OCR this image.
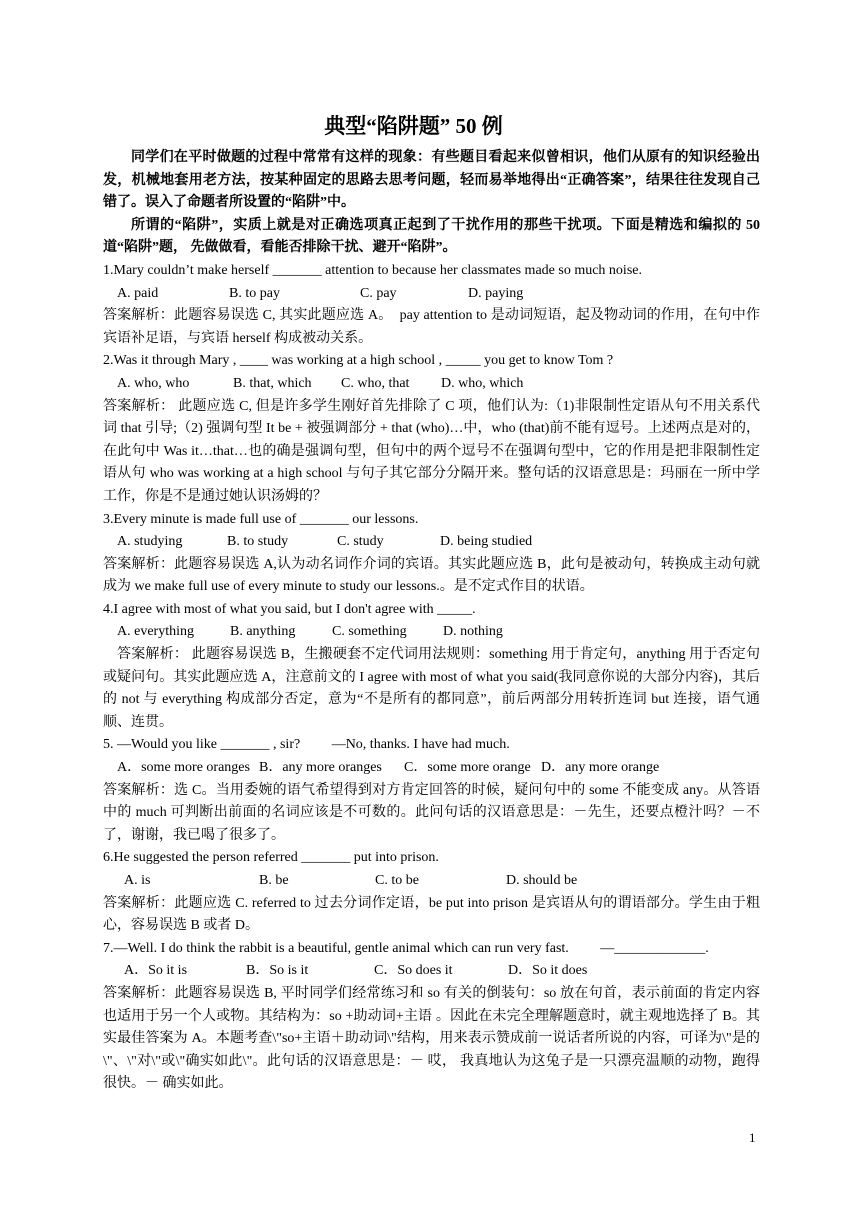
典型“陷阱题” 50 例

同学们在平时做题的过程中常常有这样的现象：有些题目看起来似曾相识，他们从原有的知识经验出发，机械地套用老方法，按某种固定的思路去思考问题，轻而易举地得出“正确答案”，结果往往发现自己错了。误入了命题者所设置的“陷阱”中。

所谓的“陷阱”，实质上就是对正确选项真正起到了干扰作用的那些干扰项。下面是精选和编拟的 50 道“陷阱”题， 先做做看，看能否排除干扰、避开“陷阱”。

1.Mary couldn’t make herself _______ attention to because her classmates made so much noise.

A. paid	B. to pay	C. pay	D. paying

答案解析：此题容易误选 C, 其实此题应选 A。　pay attention to 是动词短语，起及物动词的作用，在句中作宾语补足语，与宾语 herself 构成被动关系。

2.Was it through Mary , ____ was working at a high school , _____ you get to know Tom ?

A. who, who	B. that, which	C. who, that	D. who, which

答案解析： 此题应选 C, 但是许多学生刚好首先排除了 C 项，他们认为:（1)非限制性定语从句不用关系代词 that 引导;（2) 强调句型 It be + 被强调部分 + that (who)…中，who (that)前不能有逗号。上述两点是对的，在此句中 Was it…that…也的确是强调句型，但句中的两个逗号不在强调句型中，它的作用是把非限制性定语从句 who was working at a high school 与句子其它部分分隔开来。整句话的汉语意思是：玛丽在一所中学工作，你是不是通过她认识汤姆的？

3.Every minute is made full use of _______ our lessons.

A. studying	B. to study	C. study	D. being studied

答案解析：此题容易误选 A,认为动名词作介词的宾语。其实此题应选 B，此句是被动句，转换成主动句就成为 we make full use of every minute to study our lessons.。是不定式作目的状语。

4.I agree with most of what you said, but I don't agree with _____.

A. everything	B. anything	C. something	D. nothing

答案解析： 此题容易误选 B，生搬硬套不定代词用法规则：something 用于肯定句，anything 用于否定句或疑问句。其实此题应选 A，注意前文的 I agree with most of what you said(我同意你说的大部分内容)，其后的 not 与 everything 构成部分否定，意为“不是所有的都同意”，前后两部分用转折连词 but 连接，语气通顺、连贯。

5. —Would you like _______ , sir?　　 —No, thanks. I have had much.

A．some more oranges B．any more oranges	C．some more orange D．any more orange

答案解析：选 C。当用委婉的语气希望得到对方肯定回答的时候，疑问句中的 some 不能变成 any。从答语中的 much 可判断出前面的名词应该是不可数的。此问句话的汉语意思是：－先生，还要点橙汁吗？－不了，谢谢，我已喝了很多了。

6.He suggested the person referred _______ put into prison.

A. is	B. be	C. to be	D. should be

答案解析：此题应选 C. referred to 过去分词作定语，be put into prison 是宾语从句的谓语部分。学生由于粗心，容易误选 B 或者 D。

7.—Well. I do think the rabbit is a beautiful, gentle animal which can run very fast.　　 —_____________.

A．So it is	B．So is it	C．So does it	D．So it does

答案解析：此题容易误选 B, 平时同学们经常练习和 so 有关的倒装句：so 放在句首，表示前面的肯定内容也适用于另一个人或物。其结构为：so +助动词+主语 。因此在未完全理解题意时，就主观地选择了 B。其实最佳答案为 A。本题考查\"so+主语＋助动词\"结构，用来表示赞成前一说话者所说的内容，可译为\"是的\"、\"对\"或\"确实如此\"。此句话的汉语意思是：－ 哎， 我真地认为这兔子是一只漂亮温顺的动物，跑得很快。－ 确实如此。

1
